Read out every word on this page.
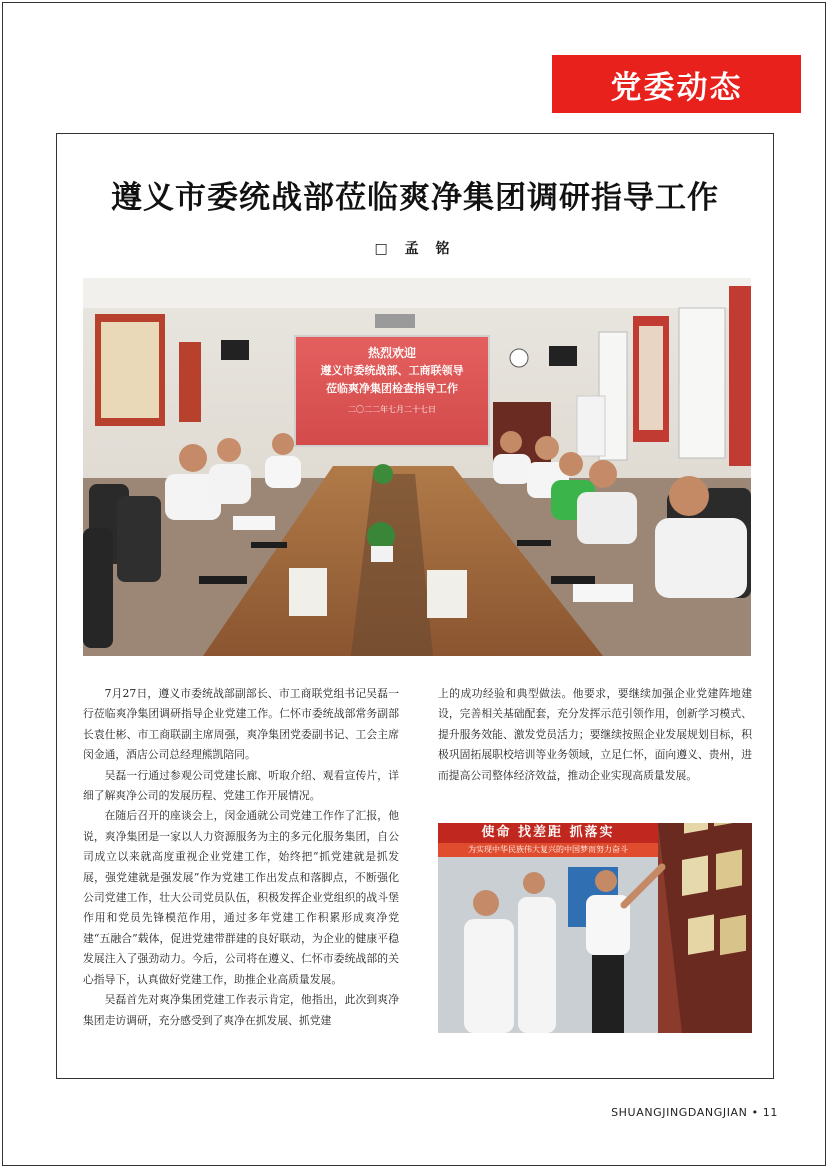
党委动态
遵义市委统战部莅临爽净集团调研指导工作
□ 孟 铭
热烈欢迎
遵义市委统战部、工商联领导
莅临爽净集团检查指导工作
二〇二二年七月二十七日

7月27日，遵义市委统战部副部长、市工商联党组书记吴磊一行莅临爽净集团调研指导企业党建工作。仁怀市委统战部常务副部长袁仕彬、市工商联副主席周强，爽净集团党委副书记、工会主席闵金通，酒店公司总经理熊凯陪同。

吴磊一行通过参观公司党建长廊、听取介绍、观看宣传片，详细了解爽净公司的发展历程、党建工作开展情况。

在随后召开的座谈会上，闵金通就公司党建工作作了汇报，他说，爽净集团是一家以人力资源服务为主的多元化服务集团，自公司成立以来就高度重视企业党建工作，始终把“抓党建就是抓发展，强党建就是强发展”作为党建工作出发点和落脚点，不断强化公司党建工作，壮大公司党员队伍，积极发挥企业党组织的战斗堡作用和党员先锋模范作用，通过多年党建工作积累形成爽净党建“五融合”载体，促进党建带群建的良好联动，为企业的健康平稳发展注入了强劲动力。今后，公司将在遵义、仁怀市委统战部的关心指导下，认真做好党建工作，助推企业高质量发展。

吴磊首先对爽净集团党建工作表示肯定，他指出，此次到爽净集团走访调研，充分感受到了爽净在抓发展、抓党建

上的成功经验和典型做法。他要求，要继续加强企业党建阵地建设，完善相关基础配套，充分发挥示范引领作用，创新学习模式、提升服务效能、激发党员活力；要继续按照企业发展规划目标，积极巩固拓展职校培训等业务领域，立足仁怀，面向遵义、贵州，进而提高公司整体经济效益，推动企业实现高质量发展。

使命 找差距 抓落实
为实现中华民族伟大复兴的中国梦而努力奋斗
SHUANGJINGDANGJIAN • 11
